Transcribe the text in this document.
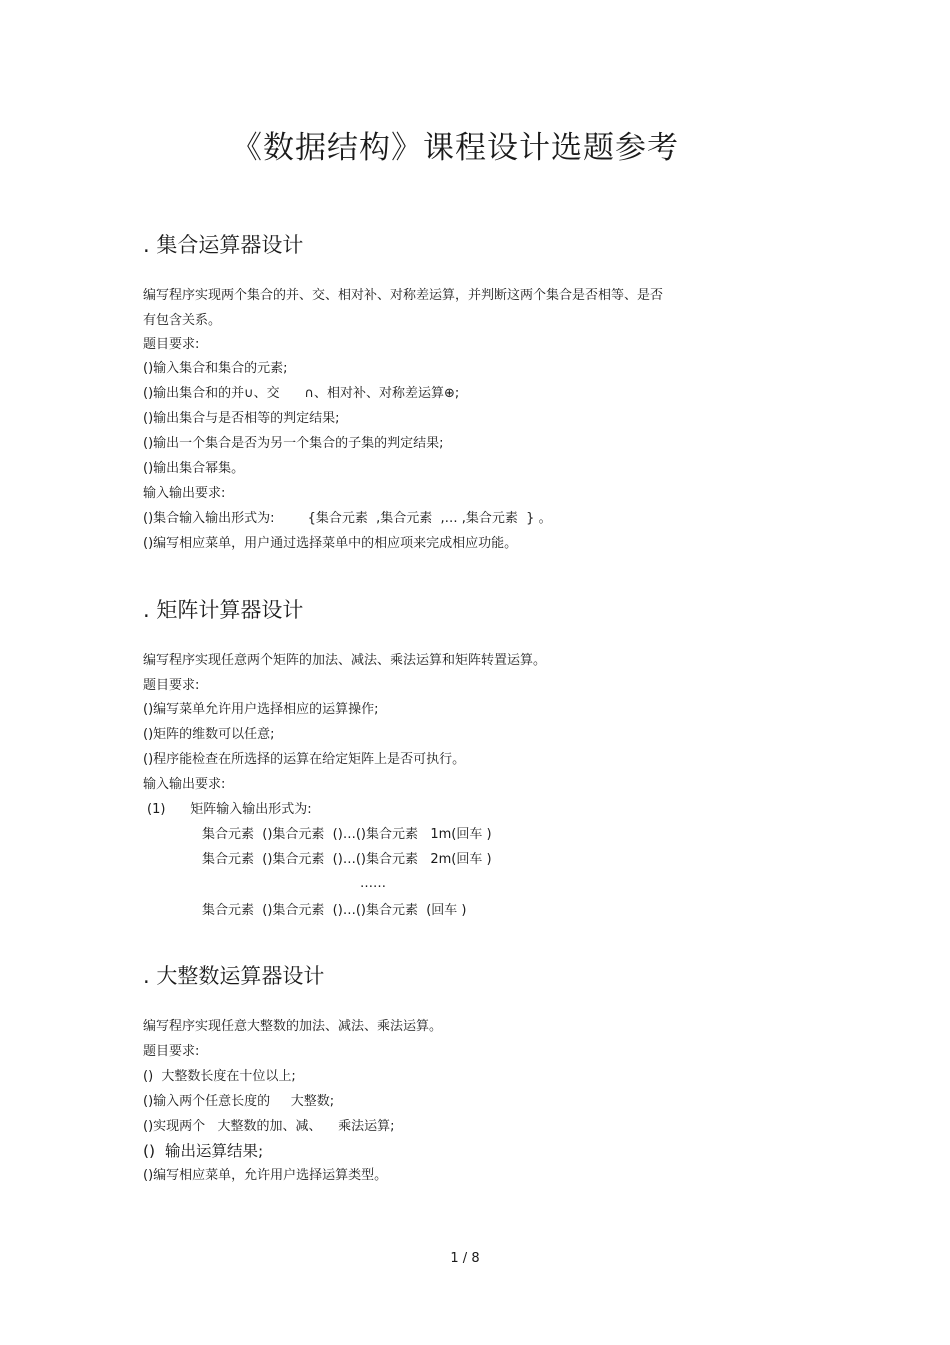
《数据结构》课程设计选题参考
. 集合运算器设计
编写程序实现两个集合的并、交、相对补、对称差运算，并判断这两个集合是否相等、是否
有包含关系。
题目要求:
()输入集合和集合的元素;
()输出集合和的并∪、交      ∩、相对补、对称差运算⊕;
()输出集合与是否相等的判定结果;
()输出一个集合是否为另一个集合的子集的判定结果;
()输出集合幂集。
输入输出要求:
()集合输入输出形式为:        {集合元素  ,集合元素  ,… ,集合元素  } 。
()编写相应菜单，用户通过选择菜单中的相应项来完成相应功能。
. 矩阵计算器设计
编写程序实现任意两个矩阵的加法、减法、乘法运算和矩阵转置运算。
题目要求:
()编写菜单允许用户选择相应的运算操作;
()矩阵的维数可以任意;
()程序能检查在所选择的运算在给定矩阵上是否可执行。
输入输出要求:
(1)      矩阵输入输出形式为:
集合元素  ()集合元素  ()…()集合元素   1m(回车 )
集合元素  ()集合元素  ()…()集合元素   2m(回车 )
……
集合元素  ()集合元素  ()…()集合元素  (回车 )
. 大整数运算器设计
编写程序实现任意大整数的加法、减法、乘法运算。
题目要求:
()  大整数长度在十位以上;
()输入两个任意长度的     大整数;
()实现两个   大整数的加、减、    乘法运算;
()  输出运算结果;
()编写相应菜单，允许用户选择运算类型。
1 / 8
